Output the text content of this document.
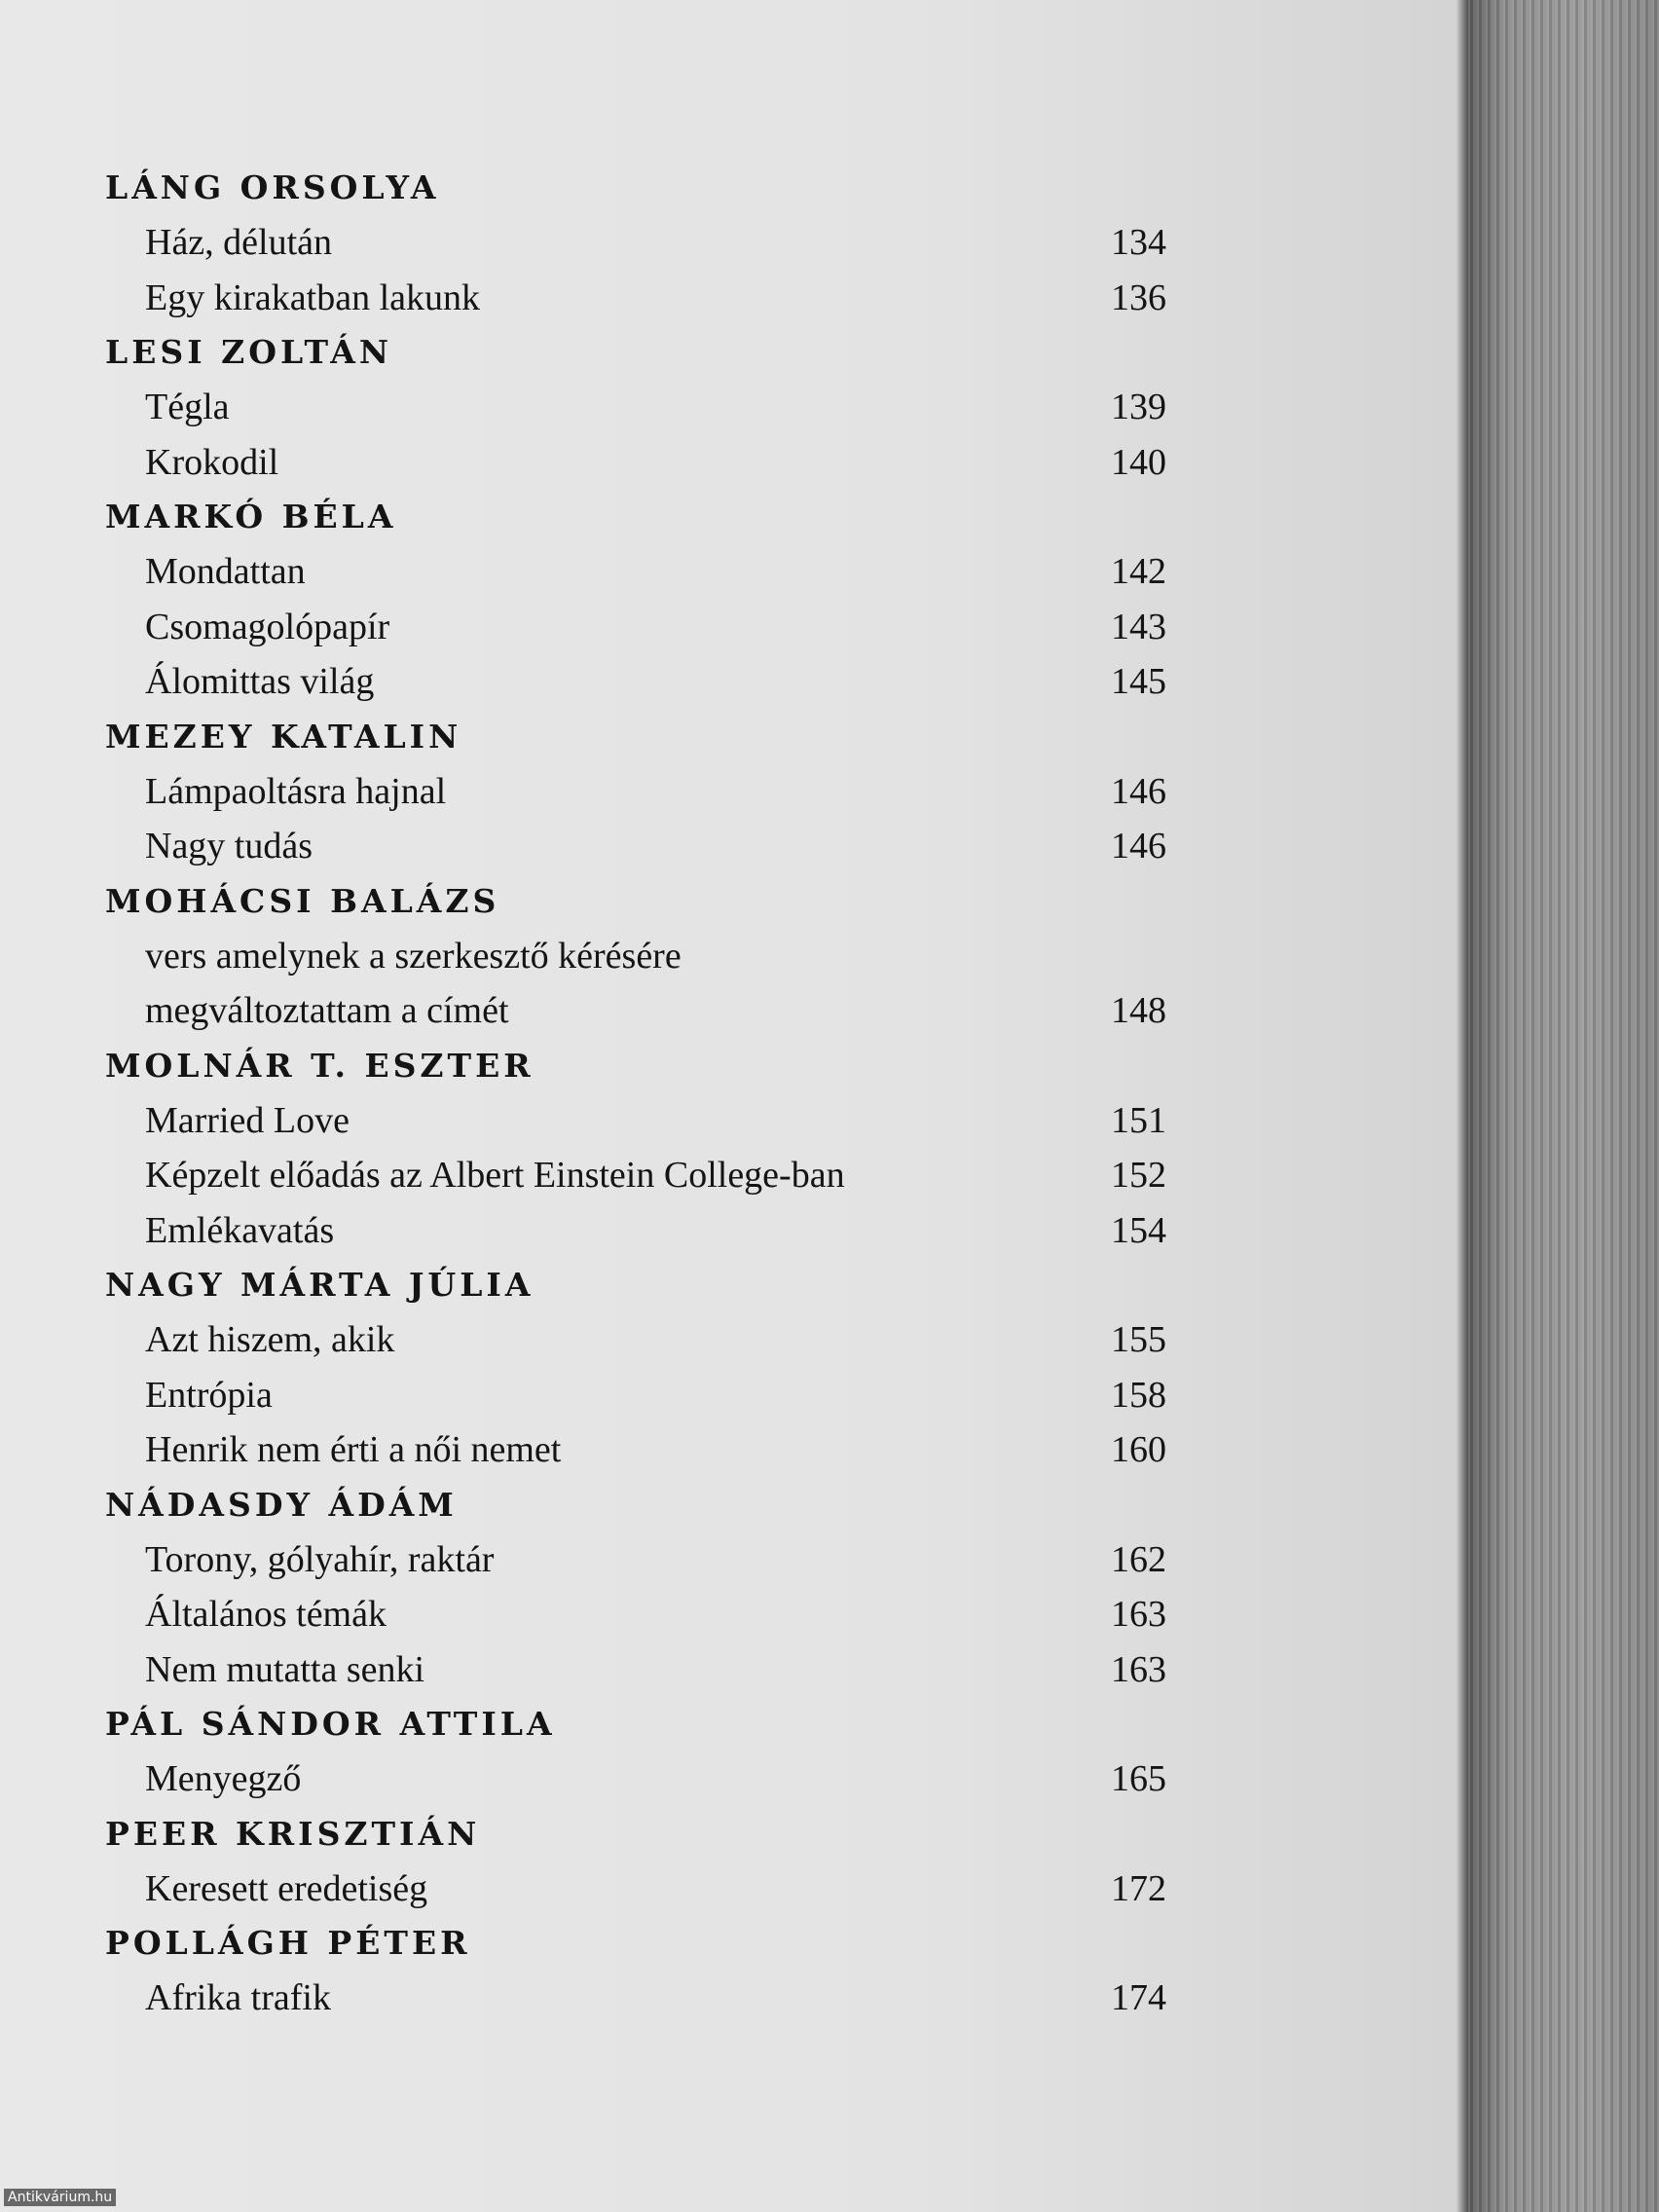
LÁNG ORSOLYA
Ház, délután	134
Egy kirakatban lakunk	136
LESI ZOLTÁN
Tégla	139
Krokodil	140
MARKÓ BÉLA
Mondattan	142
Csomagolópapír	143
Álomittas világ	145
MEZEY KATALIN
Lámpaoltásra hajnal	146
Nagy tudás	146
MOHÁCSI BALÁZS
vers amelynek a szerkesztő kérésére
megváltoztattam a címét	148
MOLNÁR T. ESZTER
Married Love	151
Képzelt előadás az Albert Einstein College-ban	152
Emlékavatás	154
NAGY MÁRTA JÚLIA
Azt hiszem, akik	155
Entrópia	158
Henrik nem érti a női nemet	160
NÁDASDY ÁDÁM
Torony, gólyahír, raktár	162
Általános témák	163
Nem mutatta senki	163
PÁL SÁNDOR ATTILA
Menyegző	165
PEER KRISZTIÁN
Keresett eredetiség	172
POLLÁGH PÉTER
Afrika trafik	174
Antikvárium.hu
